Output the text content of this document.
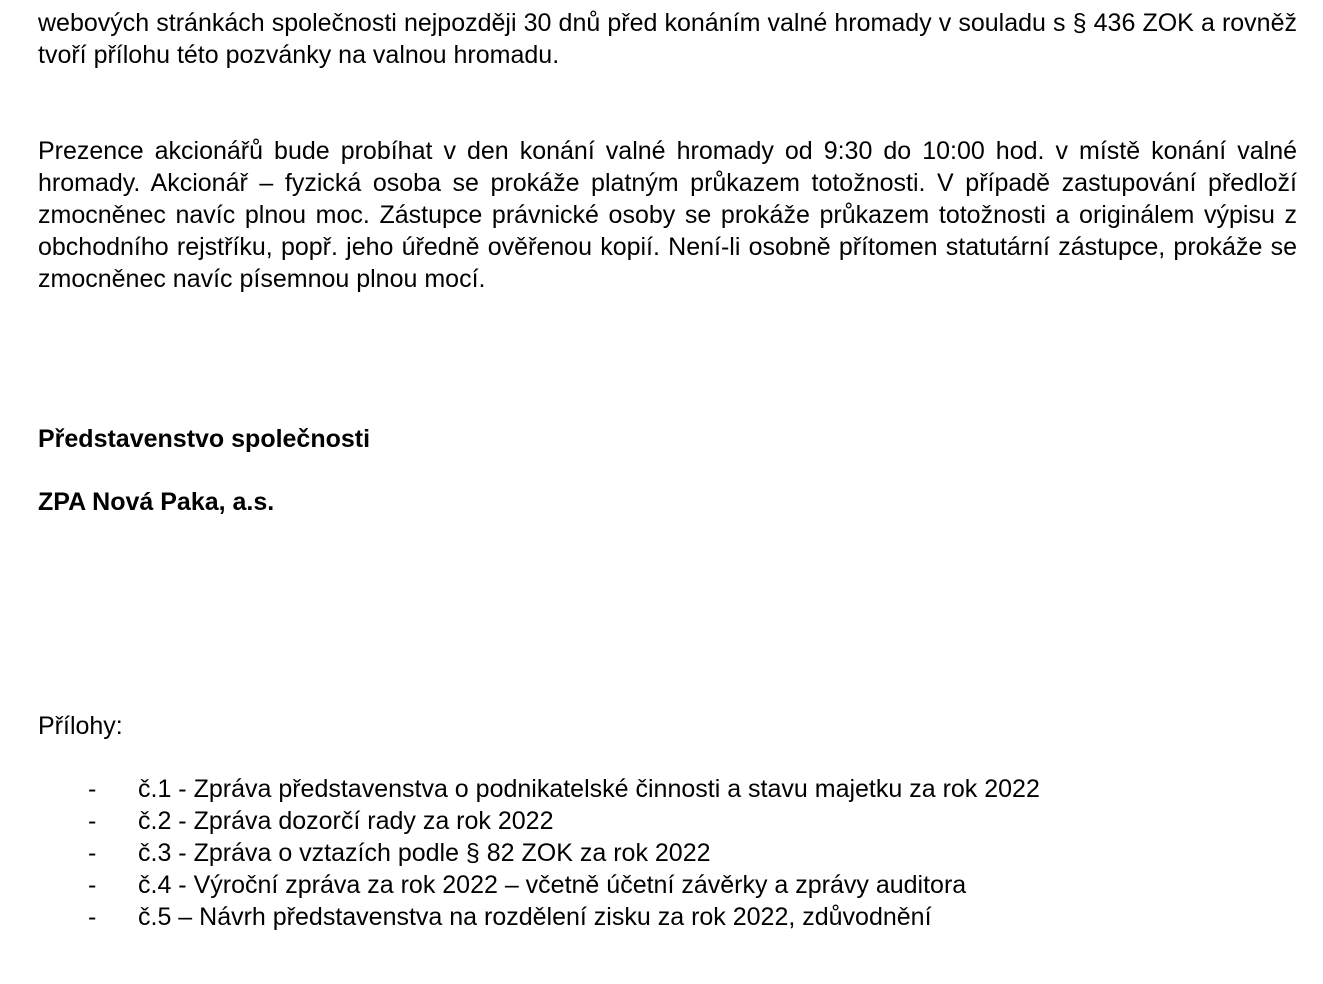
webových stránkách společnosti nejpozději 30 dnů před konáním valné hromady v souladu s § 436 ZOK a rovněž tvoří přílohu této pozvánky na valnou hromadu.

Prezence akcionářů bude probíhat v den konání valné hromady od 9:30 do 10:00 hod. v místě konání valné hromady. Akcionář – fyzická osoba se prokáže platným průkazem totožnosti. V případě zastupování předloží zmocněnec navíc plnou moc. Zástupce právnické osoby se prokáže průkazem totožnosti a originálem výpisu z obchodního rejstříku, popř. jeho úředně ověřenou kopií. Není-li osobně přítomen statutární zástupce, prokáže se zmocněnec navíc písemnou plnou mocí.

Představenstvo společnosti

ZPA Nová Paka, a.s.

Přílohy:

- č.1 - Zpráva představenstva o podnikatelské činnosti a stavu majetku za rok 2022
- č.2 - Zpráva dozorčí rady za rok 2022
- č.3 - Zpráva o vztazích podle § 82 ZOK za rok 2022
- č.4 - Výroční zpráva za rok 2022 – včetně účetní závěrky a zprávy auditora
- č.5 – Návrh představenstva na rozdělení zisku za rok 2022, zdůvodnění
